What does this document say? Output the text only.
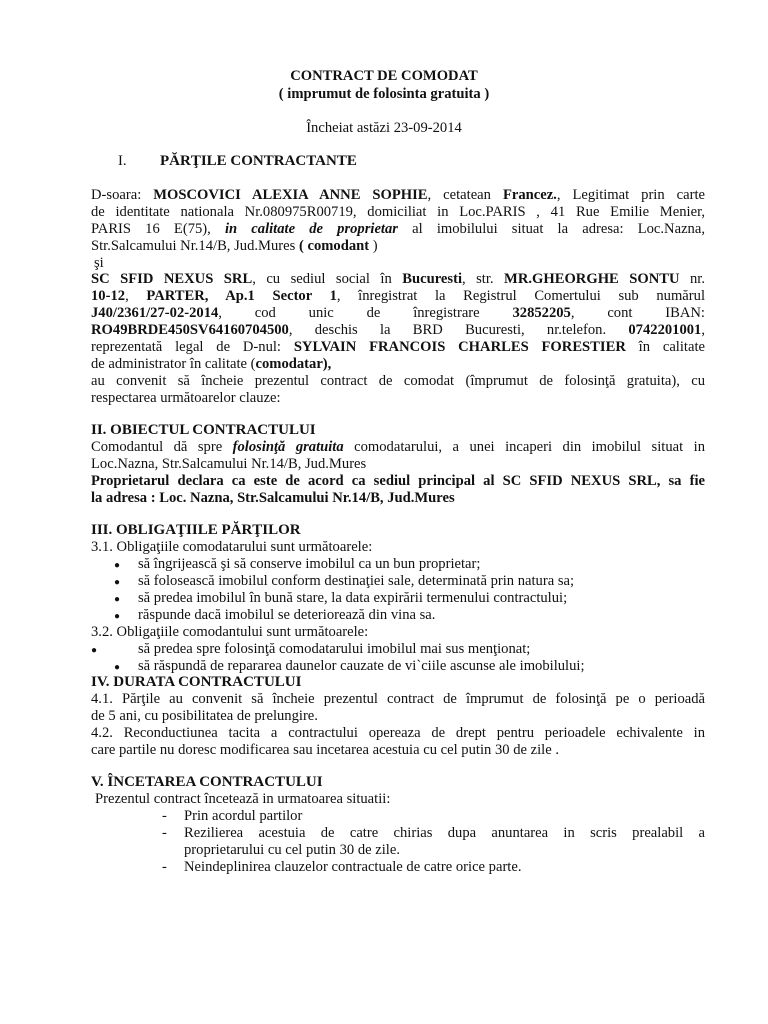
CONTRACT DE COMODAT
( imprumut de folosinta gratuita )
Încheiat astăzi 23-09-2014
I.	PĂRŢILE CONTRACTANTE
D-soara: MOSCOVICI ALEXIA ANNE SOPHIE, cetatean Francez., Legitimat prin carte
de identitate nationala Nr.080975R00719, domiciliat in Loc.PARIS , 41 Rue Emilie Menier,
PARIS 16 E(75), in calitate de proprietar al imobilului situat la adresa: Loc.Nazna,
Str.Salcamului Nr.14/B, Jud.Mures ( comodant )
şi
SC SFID NEXUS SRL, cu sediul social în Bucuresti, str. MR.GHEORGHE SONTU nr.
10-12, PARTER, Ap.1 Sector 1, înregistrat la Registrul Comertului sub numărul
J40/2361/27-02-2014, cod unic de înregistrare 32852205, cont IBAN:
RO49BRDE450SV64160704500, deschis la BRD Bucuresti, nr.telefon. 0742201001,
reprezentată legal de D-nul: SYLVAIN FRANCOIS CHARLES FORESTIER în calitate
de administrator în calitate (comodatar),
au convenit să încheie prezentul contract de comodat (împrumut de folosinţă gratuita), cu
respectarea următoarelor clauze:
II. OBIECTUL CONTRACTULUI
Comodantul dă spre folosinţă gratuita comodatarului, a unei incaperi din imobilul situat in
Loc.Nazna, Str.Salcamului Nr.14/B, Jud.Mures
Proprietarul declara ca este de acord ca sediul principal al SC SFID NEXUS SRL, sa fie
la adresa : Loc. Nazna, Str.Salcamului Nr.14/B, Jud.Mures
III. OBLIGAŢIILE PĂRŢILOR
3.1. Obligaţiile comodatarului sunt următoarele:
● să îngrijească şi să conserve imobilul ca un bun proprietar;
● să folosească imobilul conform destinaţiei sale, determinată prin natura sa;
● să predea imobilul în bună stare, la data expirării termenului contractului;
● răspunde dacă imobilul se deteriorează din vina sa.
3.2. Obligaţiile comodantului sunt următoarele:
●	să predea spre folosinţă comodatarului imobilul mai sus menţionat;
● să răspundă de repararea daunelor cauzate de vi`ciile ascunse ale imobilului;
IV. DURATA CONTRACTULUI
4.1. Părţile au convenit să încheie prezentul contract de împrumut de folosinţă pe o perioadă
de 5 ani, cu posibilitatea de prelungire.
4.2. Reconductiunea tacita a contractului opereaza de drept pentru perioadele echivalente in
care partile nu doresc modificarea sau incetarea acestuia cu cel putin 30 de zile .
V. ÎNCETAREA CONTRACTULUI
Prezentul contract încetează in urmatoarea situatii:
- Prin acordul partilor
- Rezilierea acestuia de catre chirias dupa anuntarea in scris prealabil a
proprietarului cu cel putin 30 de zile.
- Neindeplinirea clauzelor contractuale de catre orice parte.
